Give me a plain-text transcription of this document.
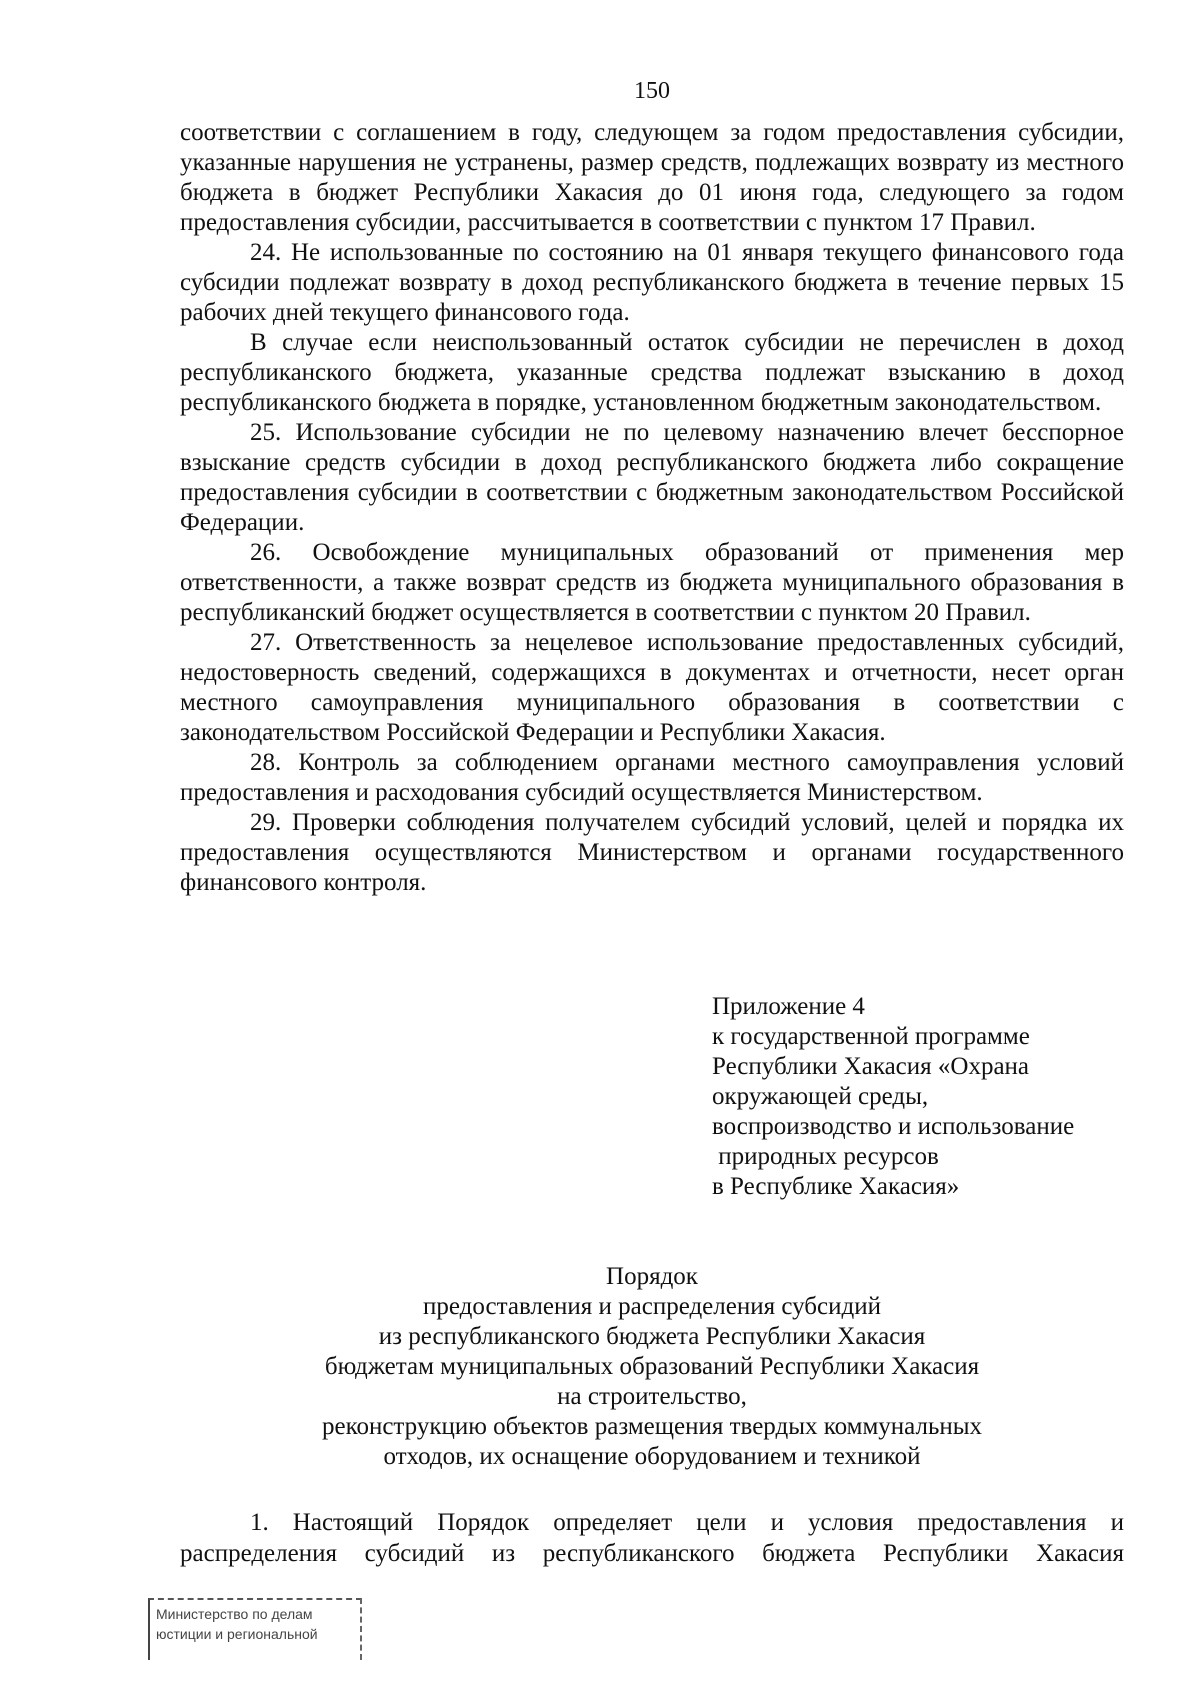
150

соответствии с соглашением в году, следующем за годом предоставления субсидии, указанные нарушения не устранены, размер средств, подлежащих возврату из местного бюджета в бюджет Республики Хакасия до 01 июня года, следующего за годом предоставления субсидии, рассчитывается в соответствии с пунктом 17 Правил.

24. Не использованные по состоянию на 01 января текущего финансового года субсидии подлежат возврату в доход республиканского бюджета в течение первых 15 рабочих дней текущего финансового года.

В случае если неиспользованный остаток субсидии не перечислен в доход республиканского бюджета, указанные средства подлежат взысканию в доход республиканского бюджета в порядке, установленном бюджетным законодательством.

25. Использование субсидии не по целевому назначению влечет бесспорное взыскание средств субсидии в доход республиканского бюджета либо сокращение предоставления субсидии в соответствии с бюджетным законодательством Российской Федерации.

26. Освобождение муниципальных образований от применения мер ответственности, а также возврат средств из бюджета муниципального образования в республиканский бюджет осуществляется в соответствии с пунктом 20 Правил.

27. Ответственность за нецелевое использование предоставленных субсидий, недостоверность сведений, содержащихся в документах и отчетности, несет орган местного самоуправления муниципального образования в соответствии с законодательством Российской Федерации и Республики Хакасия.

28. Контроль за соблюдением органами местного самоуправления условий предоставления и расходования субсидий осуществляется Министерством.

29. Проверки соблюдения получателем субсидий условий, целей и порядка их предоставления осуществляются Министерством и органами государственного финансового контроля.

Приложение 4
к государственной программе
Республики Хакасия «Охрана
окружающей среды,
воспроизводство и использование
природных ресурсов
в Республике Хакасия»
Порядок
предоставления и распределения субсидий
из республиканского бюджета Республики Хакасия
бюджетам муниципальных образований Республики Хакасия
на строительство,
реконструкцию объектов размещения твердых коммунальных
отходов, их оснащение оборудованием и техникой

1. Настоящий Порядок определяет цели и условия предоставления и распределения субсидий из республиканского бюджета Республики Хакасия

Министерство по делам
юстиции и региональной
